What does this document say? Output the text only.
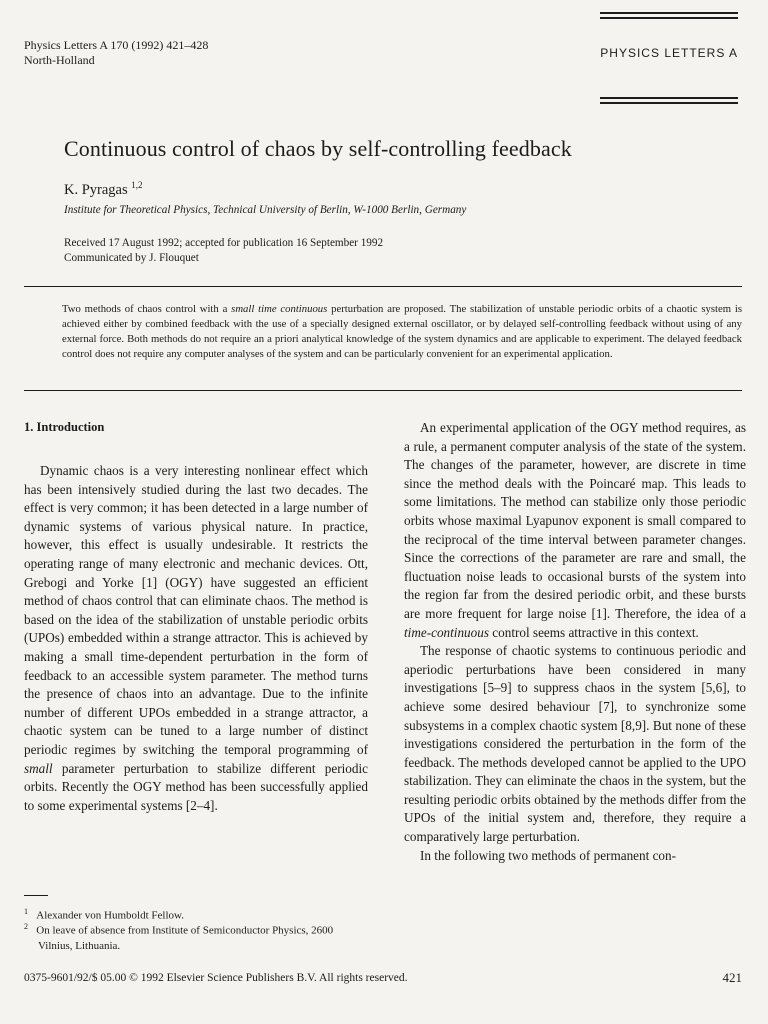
Physics Letters A 170 (1992) 421–428
North-Holland	PHYSICS LETTERS A
Continuous control of chaos by self-controlling feedback
K. Pyragas $^{1,2}$
Institute for Theoretical Physics, Technical University of Berlin, W-1000 Berlin, Germany
Received 17 August 1992; accepted for publication 16 September 1992
Communicated by J. Flouquet
Two methods of chaos control with a small time continuous perturbation are proposed. The stabilization of unstable periodic orbits of a chaotic system is achieved either by combined feedback with the use of a specially designed external oscillator, or by delayed self-controlling feedback without using of any external force. Both methods do not require an a priori analytical knowledge of the system dynamics and are applicable to experiment. The delayed feedback control does not require any computer analyses of the system and can be particularly convenient for an experimental application.
1. Introduction

Dynamic chaos is a very interesting nonlinear effect which has been intensively studied during the last two decades. The effect is very common; it has been detected in a large number of dynamic systems of various physical nature. In practice, however, this effect is usually undesirable. It restricts the operating range of many electronic and mechanic devices. Ott, Grebogi and Yorke [1] (OGY) have suggested an efficient method of chaos control that can eliminate chaos. The method is based on the idea of the stabilization of unstable periodic orbits (UPOs) embedded within a strange attractor. This is achieved by making a small time-dependent perturbation in the form of feedback to an accessible system parameter. The method turns the presence of chaos into an advantage. Due to the infinite number of different UPOs embedded in a strange attractor, a chaotic system can be tuned to a large number of distinct periodic regimes by switching the temporal programming of small parameter perturbation to stabilize different periodic orbits. Recently the OGY method has been successfully applied to some experimental systems [2–4].

$^1$ Alexander von Humboldt Fellow.
$^2$ On leave of absence from Institute of Semiconductor Physics, 2600 Vilnius, Lithuania.

An experimental application of the OGY method requires, as a rule, a permanent computer analysis of the state of the system. The changes of the parameter, however, are discrete in time since the method deals with the Poincaré map. This leads to some limitations. The method can stabilize only those periodic orbits whose maximal Lyapunov exponent is small compared to the reciprocal of the time interval between parameter changes. Since the corrections of the parameter are rare and small, the fluctuation noise leads to occasional bursts of the system into the region far from the desired periodic orbit, and these bursts are more frequent for large noise [1]. Therefore, the idea of a time-continuous control seems attractive in this context.

The response of chaotic systems to continuous periodic and aperiodic perturbations have been considered in many investigations [5–9] to suppress chaos in the system [5,6], to achieve some desired behaviour [7], to synchronize some subsystems in a complex chaotic system [8,9]. But none of these investigations considered the perturbation in the form of the feedback. The methods developed cannot be applied to the UPO stabilization. They can eliminate the chaos in the system, but the resulting periodic orbits obtained by the methods differ from the UPOs of the initial system and, therefore, they require a comparatively large perturbation.

In the following two methods of permanent con-

0375-9601/92/$ 05.00 © 1992 Elsevier Science Publishers B.V. All rights reserved.	421
